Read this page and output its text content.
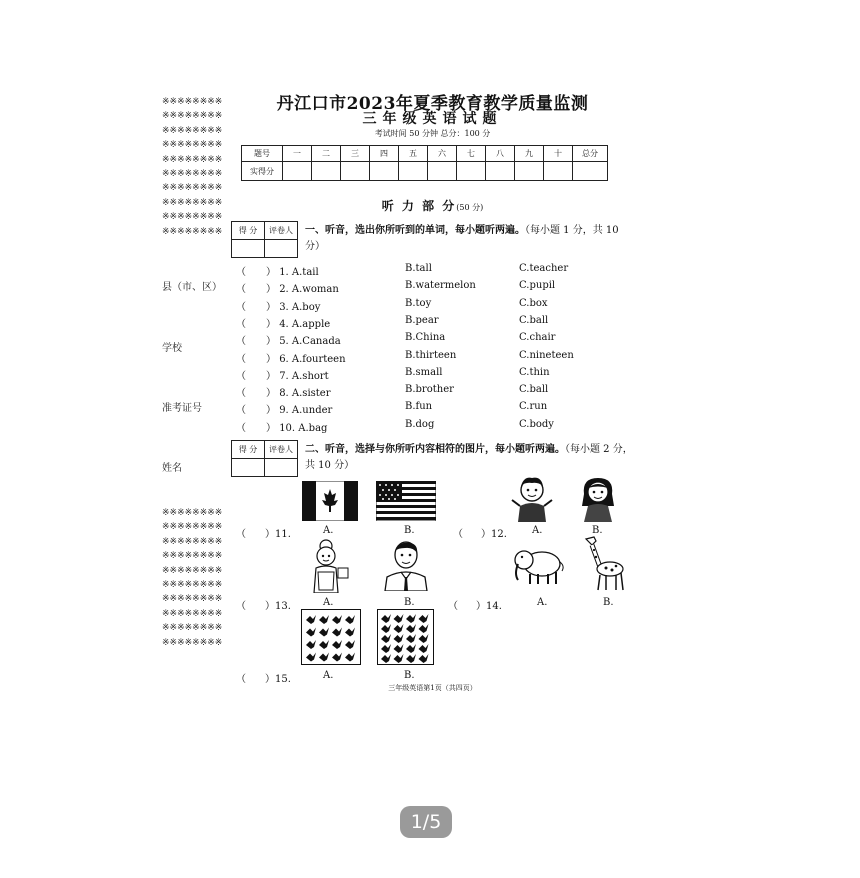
※※※※※※※※
※※※※※※※※
※※※※※※※※
※※※※※※※※
※※※※※※※※
※※※※※※※※
※※※※※※※※
※※※※※※※※
※※※※※※※※
※※※※※※※※
县（市、区）
学校
准考证号
姓名
※※※※※※※※
※※※※※※※※
※※※※※※※※
※※※※※※※※
※※※※※※※※
※※※※※※※※
※※※※※※※※
※※※※※※※※
※※※※※※※※
※※※※※※※※
丹江口市2023年夏季教育教学质量监测
三年级英语试题
考试时间 50 分钟 总分：100 分
题号	一	二	三	四	五	六	七	八	九	十	总分
实得分											
听 力 部 分(50 分)
得 分	评卷人
	一、听音，选出你所听到的单词，每小题听两遍。（每小题 1 分，共 10 分）
（ ） 1. A.tail	B.tall	C.teacher
（ ） 2. A.woman	B.watermelon	C.pupil
（ ） 3. A.boy	B.toy	C.box
（ ） 4. A.apple	B.pear	C.ball
（ ） 5. A.Canada	B.China	C.chair
（ ） 6. A.fourteen	B.thirteen	C.nineteen
（ ） 7. A.short	B.small	C.thin
（ ） 8. A.sister	B.brother	C.ball
（ ） 9. A.under	B.fun	C.run
（ ） 10. A.bag	B.dog	C.body
得 分	评卷人
	二、听音，选择与你所听内容相符的图片，每小题听两遍。（每小题 2 分，共 10 分）
（ ）11.	A.	B.	（ ）12.	A.	B.
（ ）13.	A.	B.	（ ）14.	A.	B.
（ ）15.	A.	B.
三年级英语第1页（共四页）
1/5
